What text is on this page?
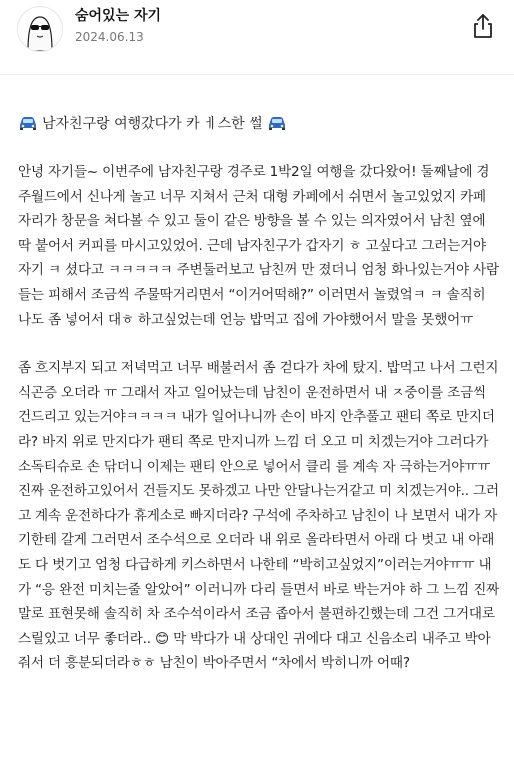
숨어있는 자기
2024.06.13
남자친구랑 여행갔다가 카 ㅔ스한 썰

안녕 자기들~ 이번주에 남자친구랑 경주로 1박2일 여행을 갔다왔어! 둘째날에 경주월드에서 신나게 놀고 너무 지쳐서 근처 대형 카페에서 쉬면서 놀고있었지 카페 자리가 창문을 쳐다볼 수 있고 둘이 같은 방향을 볼 수 있는 의자였어서 남친 옆에 딱 붙어서 커피를 마시고있었어. 근데 남자친구가 갑자기 ㅎ 고싶다고 그러는거야 자기 ㅋ 셨다고 ㅋㅋㅋㅋㅋ 주변둘러보고 남친꺼 만 졌더니 엄청 화나있는거야 사람들는 피해서 조금씩 주물딱거리면서 “이거어떡해?” 이러면서 놀렸엌ㅋ ㅋ 솔직히 나도 좀 넣어서 대ㅎ 하고싶었는데 언능 밥먹고 집에 가야했어서 말을 못했어ㅠ

좀 흐지부지 되고 저녁먹고 너무 배불러서 좀 걷다가 차에 탔지. 밥먹고 나서 그런지 식곤증 오더라 ㅠ 그래서 자고 일어났는데 남친이 운전하면서 내 ㅈ중이를 조금씩 건드리고 있는거야ㅋㅋㅋㅋ 내가 일어나니까 손이 바지 안추풀고 팬티 쪽로 만지더라? 바지 위로 만지다가 팬티 쪽로 만지니까 느낌 더 오고 미 치겠는거야 그러다가 소독티슈로 손 닦더니 이제는 팬티 안으로 넣어서 클리 를 계속 자 극하는거야ㅠㅠ 진짜 운전하고있어서 건들지도 못하겠고 나만 안달나는거같고 미 치겠는거야.. 그러고 계속 운전하다가 휴게소로 빠지더라? 구석에 주차하고 남친이 나 보면서 내가 자기한테 갈게 그러면서 조수석으로 오더라 내 위로 올라타면서 아래 다 벗고 내 아래도 다 벗기고 엄청 다급하게 키스하면서 나한테 “박히고싶었지”이러는거야ㅠㅠ 내가 “응 완전 미치는줄 알았어” 이러니까 다리 들면서 바로 박는거야 하 그 느낌 진짜 말로 표현못해 솔직히 차 조수석이라서 조금 좁아서 불편하긴했는데 그건 그거대로 스릴있고 너무 좋더라.. 😊 막 박다가 내 상대인 귀에다 대고 신음소리 내주고 박아줘서 더 흥분되더라ㅎㅎ 남친이 박아주면서 “차에서 박히니까 어때?
